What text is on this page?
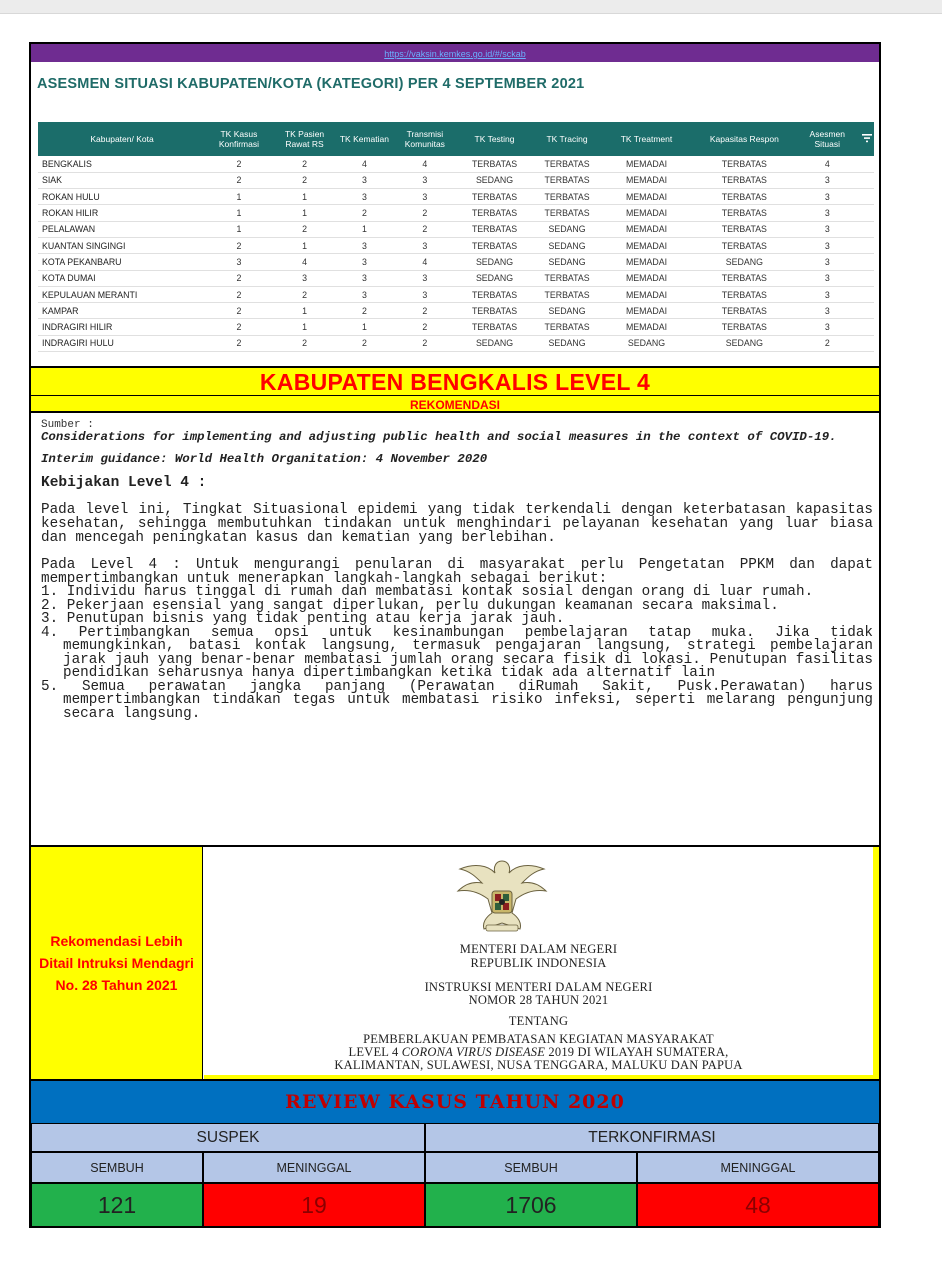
https://vaksin.kemkes.go.id/#/sckab
ASESMEN SITUASI KABUPATEN/KOTA (KATEGORI) PER 4 SEPTEMBER 2021
Kabupaten/ Kota	TK Kasus Konfirmasi	TK Pasien Rawat RS	TK Kematian	Transmisi Komunitas	TK Testing	TK Tracing	TK Treatment	Kapasitas Respon	Asesmen Situasi	
BENGKALIS	2	2	4	4	TERBATAS	TERBATAS	MEMADAI	TERBATAS	4	
SIAK	2	2	3	3	SEDANG	TERBATAS	MEMADAI	TERBATAS	3	
ROKAN HULU	1	1	3	3	TERBATAS	TERBATAS	MEMADAI	TERBATAS	3	
ROKAN HILIR	1	1	2	2	TERBATAS	TERBATAS	MEMADAI	TERBATAS	3	
PELALAWAN	1	2	1	2	TERBATAS	SEDANG	MEMADAI	TERBATAS	3	
KUANTAN SINGINGI	2	1	3	3	TERBATAS	SEDANG	MEMADAI	TERBATAS	3	
KOTA PEKANBARU	3	4	3	4	SEDANG	SEDANG	MEMADAI	SEDANG	3	
KOTA DUMAI	2	3	3	3	SEDANG	TERBATAS	MEMADAI	TERBATAS	3	
KEPULAUAN MERANTI	2	2	3	3	TERBATAS	TERBATAS	MEMADAI	TERBATAS	3	
KAMPAR	2	1	2	2	TERBATAS	SEDANG	MEMADAI	TERBATAS	3	
INDRAGIRI HILIR	2	1	1	2	TERBATAS	TERBATAS	MEMADAI	TERBATAS	3	
INDRAGIRI HULU	2	2	2	2	SEDANG	SEDANG	SEDANG	SEDANG	2	
KABUPATEN BENGKALIS LEVEL 4
REKOMENDASI
Sumber :
Considerations for implementing and adjusting public health and social measures in the context of COVID-19.
Interim guidance: World Health Organitation: 4 November 2020
Kebijakan Level 4 :

Pada level ini, Tingkat Situasional epidemi yang tidak terkendali dengan keterbatasan kapasitas kesehatan, sehingga membutuhkan tindakan untuk menghindari pelayanan kesehatan yang luar biasa dan mencegah peningkatan kasus dan kematian yang berlebihan.

Pada Level 4 : Untuk mengurangi penularan di masyarakat perlu Pengetatan PPKM dan dapat mempertimbangkan untuk menerapkan langkah-langkah sebagai berikut:

1. Individu harus tinggal di rumah dan membatasi kontak sosial dengan orang di luar rumah.
2. Pekerjaan esensial yang sangat diperlukan, perlu dukungan keamanan secara maksimal.
3. Penutupan bisnis yang tidak penting atau kerja jarak jauh.
4. Pertimbangkan semua opsi untuk kesinambungan pembelajaran tatap muka. Jika tidak memungkinkan, batasi kontak langsung, termasuk pengajaran langsung, strategi pembelajaran jarak jauh yang benar-benar membatasi jumlah orang secara fisik di lokasi. Penutupan fasilitas pendidikan seharusnya hanya dipertimbangkan ketika tidak ada alternatif lain
5. Semua perawatan jangka panjang (Perawatan diRumah Sakit, Pusk.Perawatan) harus mempertimbangkan tindakan tegas untuk membatasi risiko infeksi, seperti melarang pengunjung secara langsung.
Rekomendasi Lebih Ditail Intruksi Mendagri No. 28 Tahun 2021
MENTERI DALAM NEGERI
REPUBLIK INDONESIA
INSTRUKSI MENTERI DALAM NEGERI
NOMOR 28 TAHUN 2021
TENTANG
PEMBERLAKUAN PEMBATASAN KEGIATAN MASYARAKAT
LEVEL 4 CORONA VIRUS DISEASE 2019 DI WILAYAH SUMATERA,
KALIMANTAN, SULAWESI, NUSA TENGGARA, MALUKU DAN PAPUA
REVIEW KASUS TAHUN 2020
SUSPEK	TERKONFIRMASI
SEMBUH	MENINGGAL	SEMBUH	MENINGGAL
121	19	1706	48
